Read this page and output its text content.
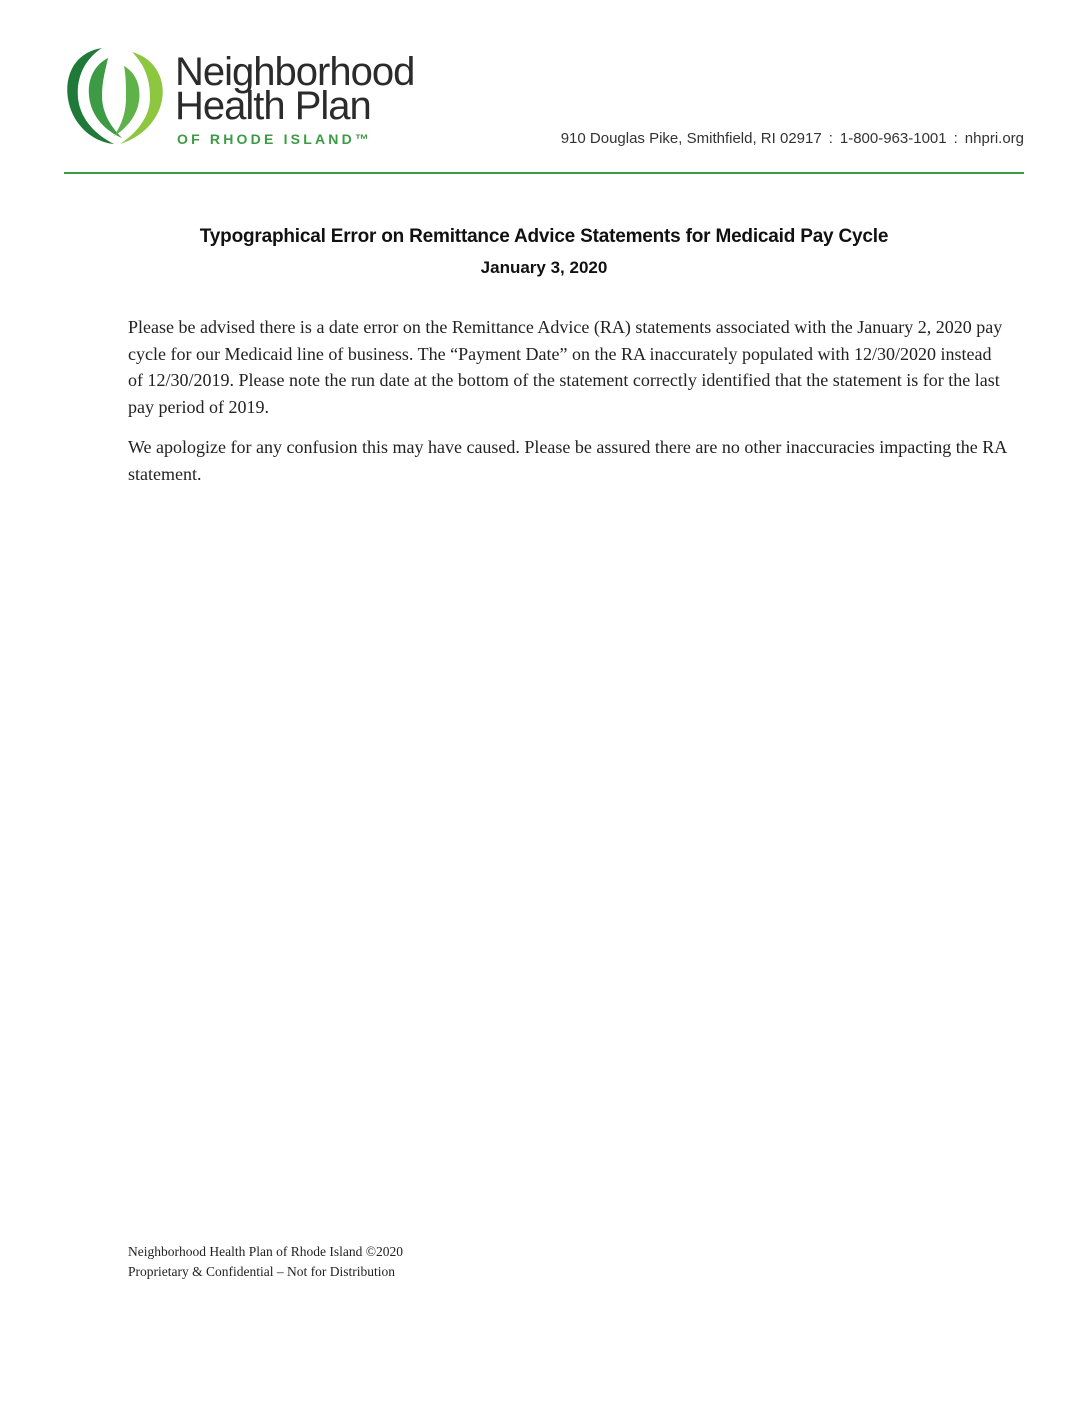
Neighborhood
Health Plan
OF RHODE ISLAND™	910 Douglas Pike, Smithfield, RI 02917 : 1-800-963-1001 : nhpri.org
Typographical Error on Remittance Advice Statements for Medicaid Pay Cycle
January 3, 2020

Please be advised there is a date error on the Remittance Advice (RA) statements associated with the January 2, 2020 pay cycle for our Medicaid line of business. The “Payment Date” on the RA inaccurately populated with 12/30/2020 instead of 12/30/2019. Please note the run date at the bottom of the statement correctly identified that the statement is for the last pay period of 2019.

We apologize for any confusion this may have caused. Please be assured there are no other inaccuracies impacting the RA statement.

Neighborhood Health Plan of Rhode Island ©2020
Proprietary & Confidential – Not for Distribution
